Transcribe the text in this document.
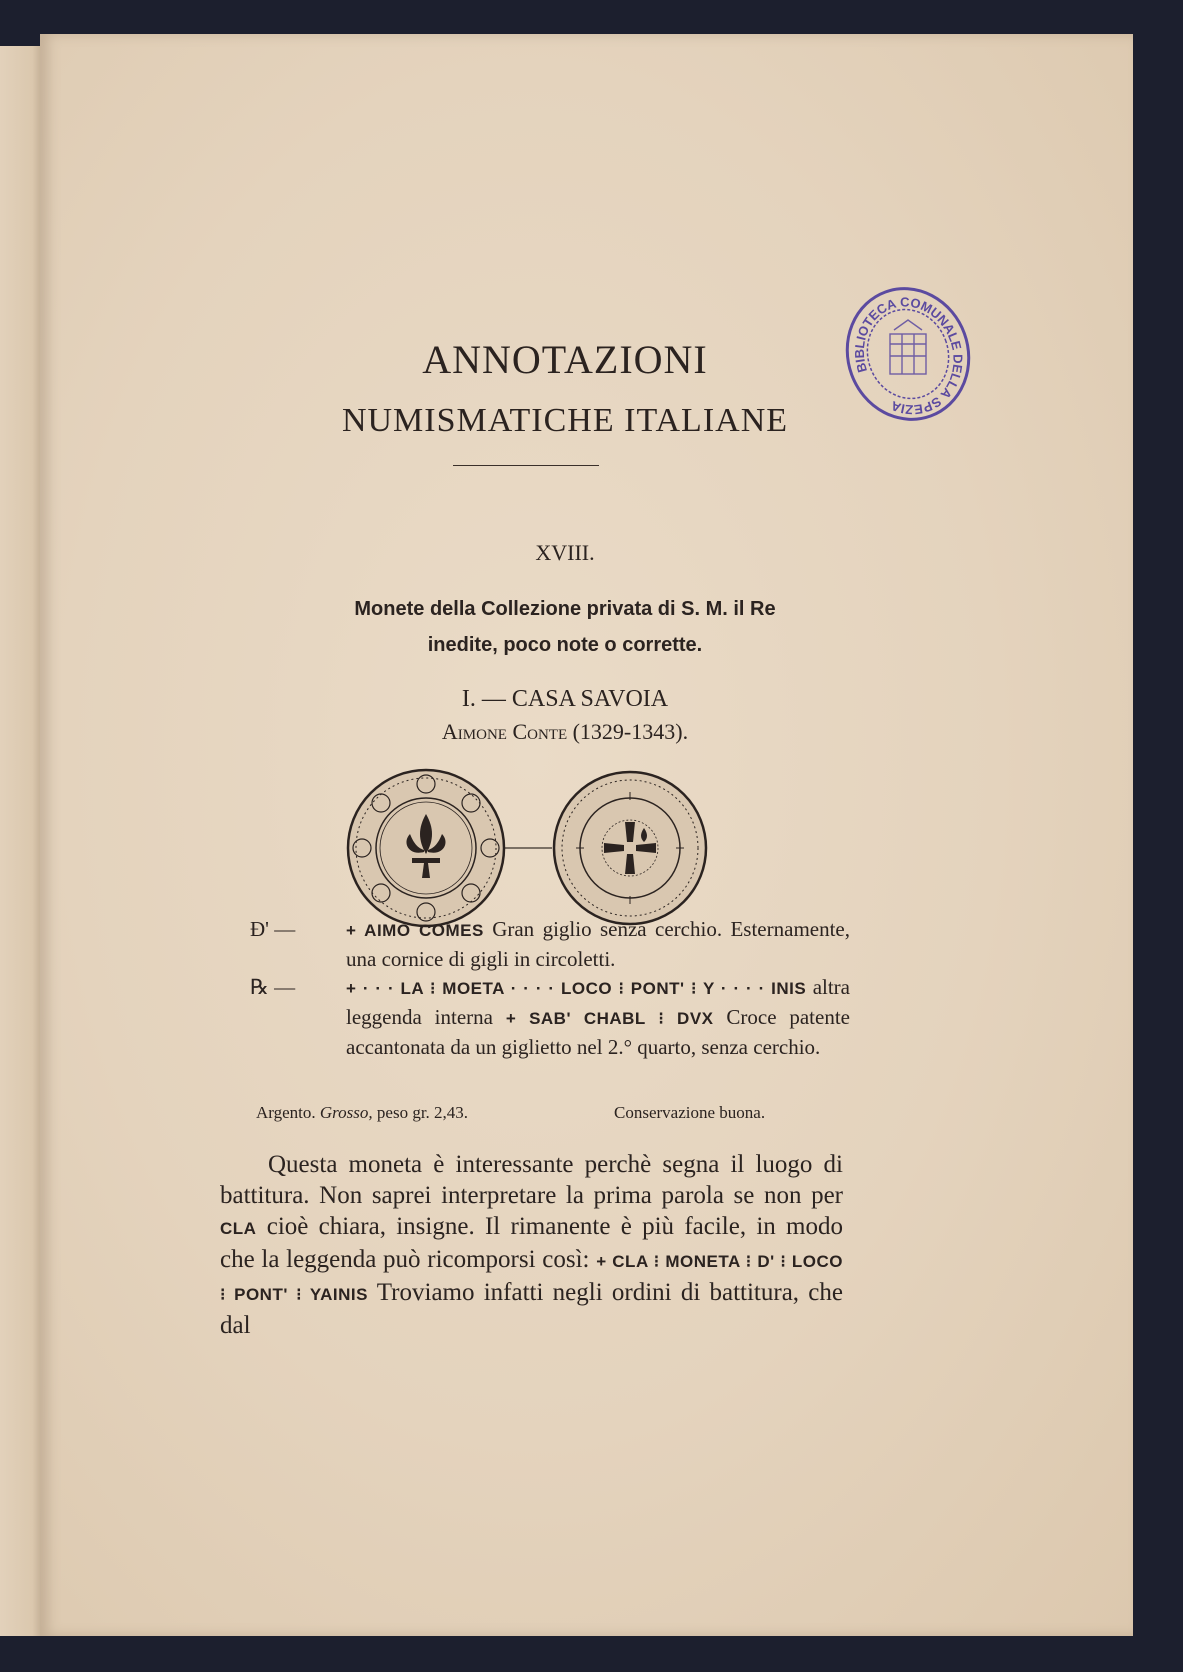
ANNOTAZIONI
NUMISMATICHE ITALIANE
BIBLIOTECA COMUNALE DELLA SPEZIA
XVIII.
Monete della Collezione privata di S. M. il Re
inedite, poco note o corrette.
I. — CASA SAVOIA
Aimone Conte (1329-1343).
Ɖ' —	+ AIMO COMES Gran giglio senza cerchio. Esternamente, una cornice di gigli in circoletti.
℞ —	+ · · · LA ⁝ MOETA · · · · LOCO ⁝ PONT' ⁝ Y · · · · INIS altra leggenda interna + SAB' CHABL ⁝ DVX Croce patente accantonata da un giglietto nel 2.° quarto, senza cerchio.
Argento. Grosso, peso gr. 2,43.	Conservazione buona.
Questa moneta è interessante perchè segna il luogo di battitura. Non saprei interpretare la prima parola se non per CLA cioè chiara, insigne. Il rimanente è più facile, in modo che la leggenda può ricomporsi così: + CLA ⁝ MONETA ⁝ D' ⁝ LOCO ⁝ PONT' ⁝ YAINIS Troviamo infatti negli ordini di battitura, che dal
